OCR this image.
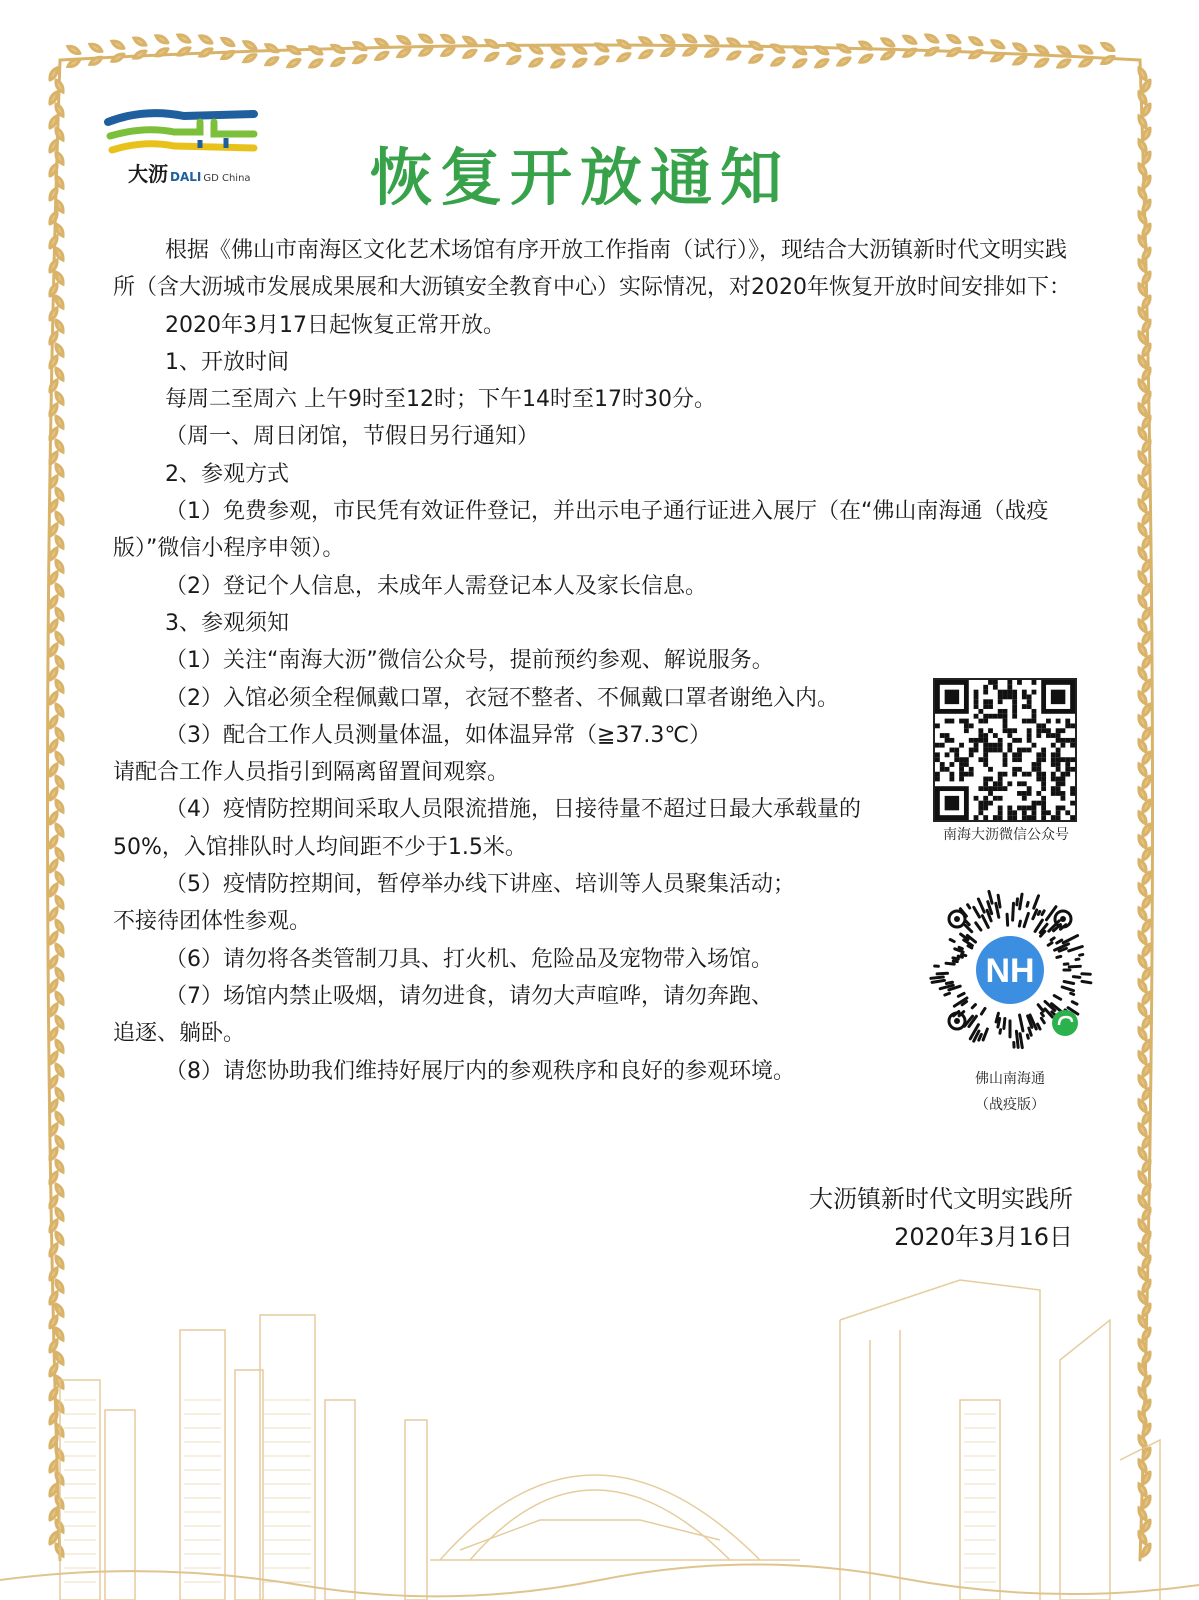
大沥 DALI GD China 恢复开放通知

根据《佛山市南海区文化艺术场馆有序开放工作指南（试行）》，现结合大沥镇新时代文明实践所（含大沥城市发展成果展和大沥镇安全教育中心）实际情况，对2020年恢复开放时间安排如下：

2020年3月17日起恢复正常开放。

1、开放时间

每周二至周六 上午9时至12时；下午14时至17时30分。

（周一、周日闭馆，节假日另行通知）

2、参观方式

（1）免费参观，市民凭有效证件登记，并出示电子通行证进入展厅（在“佛山南海通（战疫版）”微信小程序申领）。

（2）登记个人信息，未成年人需登记本人及家长信息。

3、参观须知

（1）关注“南海大沥”微信公众号，提前预约参观、解说服务。

（2）入馆必须全程佩戴口罩，衣冠不整者、不佩戴口罩者谢绝入内。

（3）配合工作人员测量体温，如体温异常（≧37.3℃）

请配合工作人员指引到隔离留置间观察。

（4）疫情防控期间采取人员限流措施，日接待量不超过日最大承载量的50%，入馆排队时人均间距不少于1.5米。

（5）疫情防控期间，暂停举办线下讲座、培训等人员聚集活动；

不接待团体性参观。

（6）请勿将各类管制刀具、打火机、危险品及宠物带入场馆。

（7）场馆内禁止吸烟，请勿进食，请勿大声喧哗，请勿奔跑、

追逐、躺卧。

（8）请您协助我们维持好展厅内的参观秩序和良好的参观环境。

南海大沥微信公众号
NH
佛山南海通
（战疫版）
大沥镇新时代文明实践所
2020年3月16日
